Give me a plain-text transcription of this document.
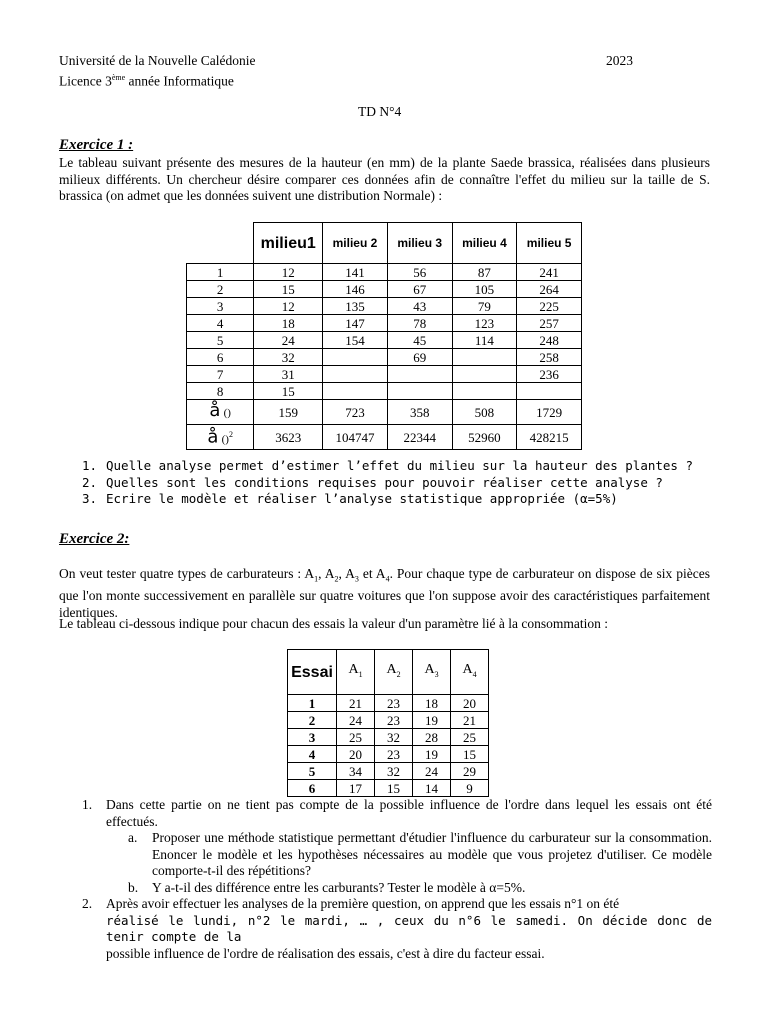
Université de la Nouvelle Calédonie	2023
Licence 3ème année Informatique
TD N°4
Exercice 1 :
Le tableau suivant présente des mesures de la hauteur (en mm) de la plante Saede brassica, réalisées dans plusieurs milieux différents. Un chercheur désire comparer ces données afin de connaître l'effet du milieu sur la taille de S. brassica (on admet que les données suivent une distribution Normale) :
	milieu1	milieu 2	milieu 3	milieu 4	milieu 5
1	12	141	56	87	241
2	15	146	67	105	264
3	12	135	43	79	225
4	18	147	78	123	257
5	24	154	45	114	248
6	32		69		258
7	31				236
8	15				
å ()	159	723	358	508	1729
å ()$^2$	3623	104747	22344	52960	428215
1. Quelle analyse permet d’estimer l’effet du milieu sur la hauteur des plantes ?
2. Quelles sont les conditions requises pour pouvoir réaliser cette analyse ?
3. Ecrire le modèle et réaliser l’analyse statistique appropriée (α=5%)
Exercice 2:
On veut tester quatre types de carburateurs : $A_1$, $A_2$, $A_3$ et $A_4$. Pour chaque type de carburateur on dispose de six pièces que l'on monte successivement en parallèle sur quatre voitures que l'on suppose avoir des caractéristiques parfaitement identiques.
Le tableau ci-dessous indique pour chacun des essais la valeur d'un paramètre lié à la consommation :
Essai	$A_1$	$A_2$	$A_3$	$A_4$
1	21	23	18	20
2	24	23	19	21
3	25	32	28	25
4	20	23	19	15
5	34	32	24	29
6	17	15	14	9
1. Dans cette partie on ne tient pas compte de la possible influence de l'ordre dans lequel les essais ont été effectués.
a. Proposer une méthode statistique permettant d'étudier l'influence du carburateur sur la consommation. Enoncer le modèle et les hypothèses nécessaires au modèle que vous projetez d'utiliser. Ce modèle comporte-t-il des répétitions?
b. Y a-t-il des différence entre les carburants? Tester le modèle à α=5%.
2. Après avoir effectuer les analyses de la première question, on apprend que les essais n°1 on été
réalisé le lundi, n°2 le mardi, … , ceux du n°6 le samedi. On décide donc de tenir compte de la
possible influence de l'ordre de réalisation des essais, c'est à dire du facteur essai.
